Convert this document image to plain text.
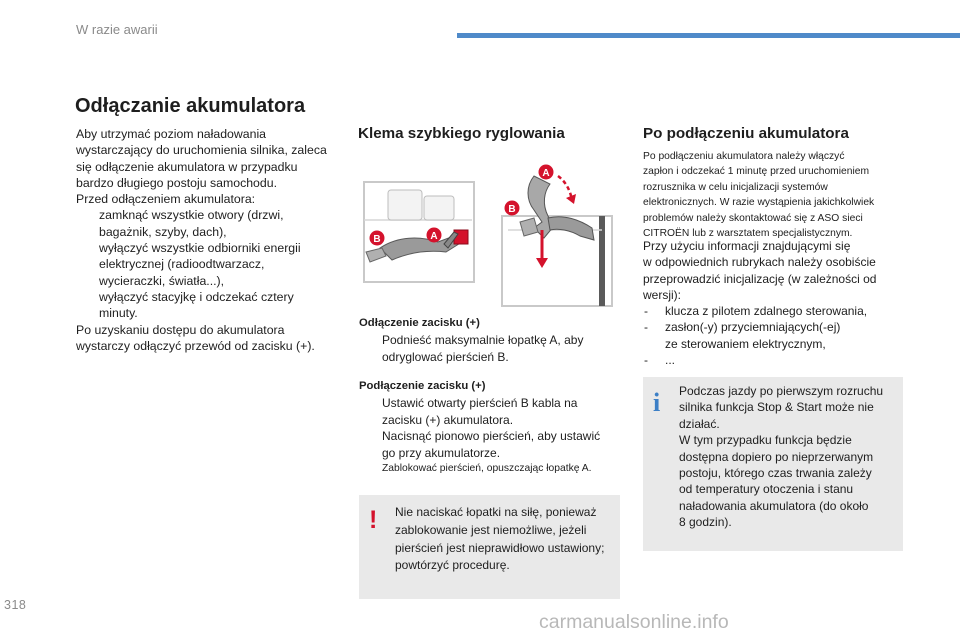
W razie awarii
Odłączanie akumulatora
Aby utrzymać poziom naładowania
wystarczający do uruchomienia silnika, zaleca
się odłączenie akumulatora w przypadku
bardzo długiego postoju samochodu.
Przed odłączeniem akumulatora:
zamknąć wszystkie otwory (drzwi,
bagażnik, szyby, dach),
wyłączyć wszystkie odbiorniki energii
elektrycznej (radioodtwarzacz,
wycieraczki, światła...),
wyłączyć stacyjkę i odczekać cztery
minuty.
Po uzyskaniu dostępu do akumulatora
wystarczy odłączyć przewód od zacisku (+).
Klema szybkiego ryglowania
A
B
B
A
Odłączenie zacisku (+)
Podnieść maksymalnie łopatkę A, aby
odryglować pierścień B.
Podłączenie zacisku (+)
Ustawić otwarty pierścień B kabla na
zacisku (+) akumulatora.
Nacisnąć pionowo pierścień, aby ustawić
go przy akumulatorze.
Zablokować pierścień, opuszczając łopatkę A.
! Nie naciskać łopatki na siłę, ponieważ
zablokowanie jest niemożliwe, jeżeli
pierścień jest nieprawidłowo ustawiony;
powtórzyć procedurę.
Po podłączeniu akumulatora
Po podłączeniu akumulatora należy włączyć
zapłon i odczekać 1 minutę przed uruchomieniem
rozrusznika w celu inicjalizacji systemów
elektronicznych. W razie wystąpienia jakichkolwiek
problemów należy skontaktować się z ASO sieci
CITROËN lub z warsztatem specjalistycznym.

Przy użyciu informacji znajdującymi się
w odpowiednich rubrykach należy osobiście
przeprowadzić inicjalizację (w zależności od
wersji):

- klucza z pilotem zdalnego sterowania,
- zasłon(-y) przyciemniających(-ej)
ze sterowaniem elektrycznym,
- ...
i Podczas jazdy po pierwszym rozruchu
silnika funkcja Stop & Start może nie
działać.
W tym przypadku funkcja będzie
dostępna dopiero po nieprzerwanym
postoju, którego czas trwania zależy
od temperatury otoczenia i stanu
naładowania akumulatora (do około
8 godzin).
318
carmanualsonline.info
